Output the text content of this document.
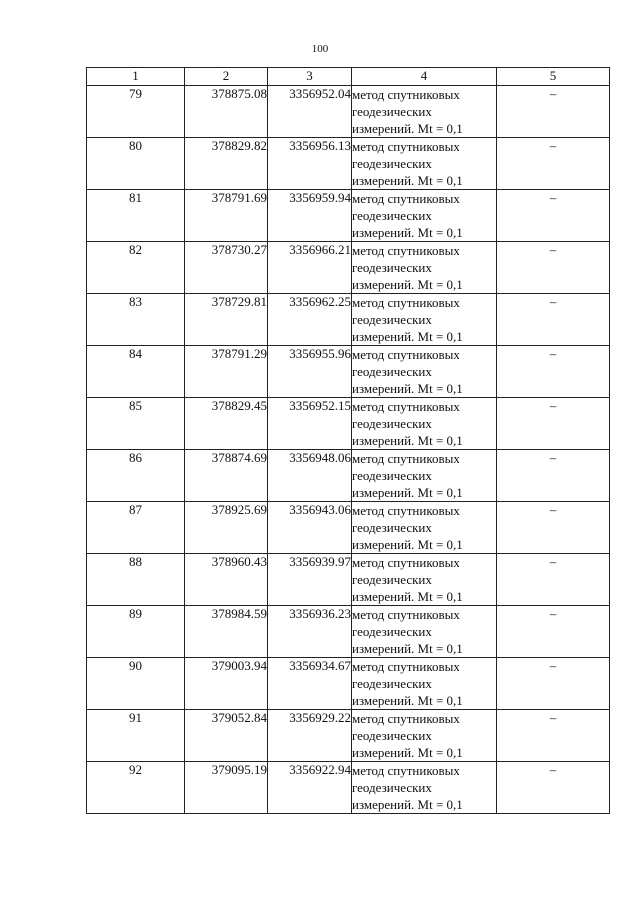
100
1	2	3	4	5
79	378875.08	3356952.04	метод спутниковых
геодезических
измерений. Mt = 0,1	–
80	378829.82	3356956.13	метод спутниковых
геодезических
измерений. Mt = 0,1	–
81	378791.69	3356959.94	метод спутниковых
геодезических
измерений. Mt = 0,1	–
82	378730.27	3356966.21	метод спутниковых
геодезических
измерений. Mt = 0,1	–
83	378729.81	3356962.25	метод спутниковых
геодезических
измерений. Mt = 0,1	–
84	378791.29	3356955.96	метод спутниковых
геодезических
измерений. Mt = 0,1	–
85	378829.45	3356952.15	метод спутниковых
геодезических
измерений. Mt = 0,1	–
86	378874.69	3356948.06	метод спутниковых
геодезических
измерений. Mt = 0,1	–
87	378925.69	3356943.06	метод спутниковых
геодезических
измерений. Mt = 0,1	–
88	378960.43	3356939.97	метод спутниковых
геодезических
измерений. Mt = 0,1	–
89	378984.59	3356936.23	метод спутниковых
геодезических
измерений. Mt = 0,1	–
90	379003.94	3356934.67	метод спутниковых
геодезических
измерений. Mt = 0,1	–
91	379052.84	3356929.22	метод спутниковых
геодезических
измерений. Mt = 0,1	–
92	379095.19	3356922.94	метод спутниковых
геодезических
измерений. Mt = 0,1	–
